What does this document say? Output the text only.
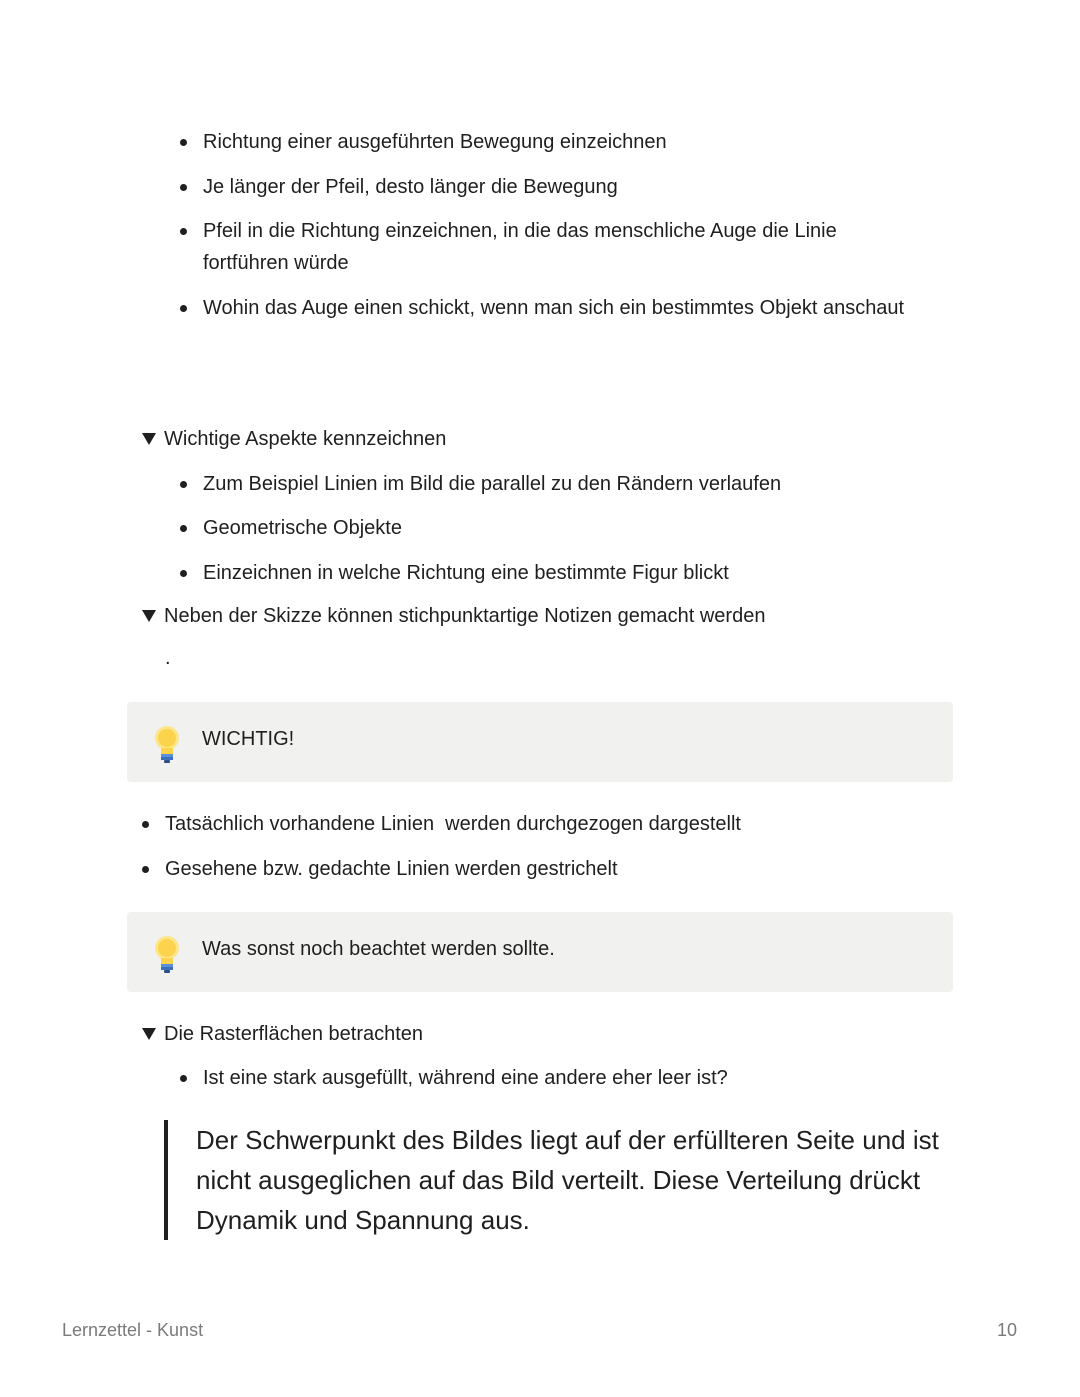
Richtung einer ausgeführten Bewegung einzeichnen
Je länger der Pfeil, desto länger die Bewegung
Pfeil in die Richtung einzeichnen, in die das menschliche Auge die Linie fortführen würde
Wohin das Auge einen schickt, wenn man sich ein bestimmtes Objekt anschaut
Wichtige Aspekte kennzeichnen
Zum Beispiel Linien im Bild die parallel zu den Rändern verlaufen
Geometrische Objekte
Einzeichnen in welche Richtung eine bestimmte Figur blickt
Neben der Skizze können stichpunktartige Notizen gemacht werden
.
WICHTIG!
Tatsächlich vorhandene Linien  werden durchgezogen dargestellt
Gesehene bzw. gedachte Linien werden gestrichelt
Was sonst noch beachtet werden sollte.
Die Rasterflächen betrachten
Ist eine stark ausgefüllt, während eine andere eher leer ist?
Der Schwerpunkt des Bildes liegt auf der erfüllteren Seite und ist nicht ausgeglichen auf das Bild verteilt. Diese Verteilung drückt Dynamik und Spannung aus.
Lernzettel - Kunst	10
